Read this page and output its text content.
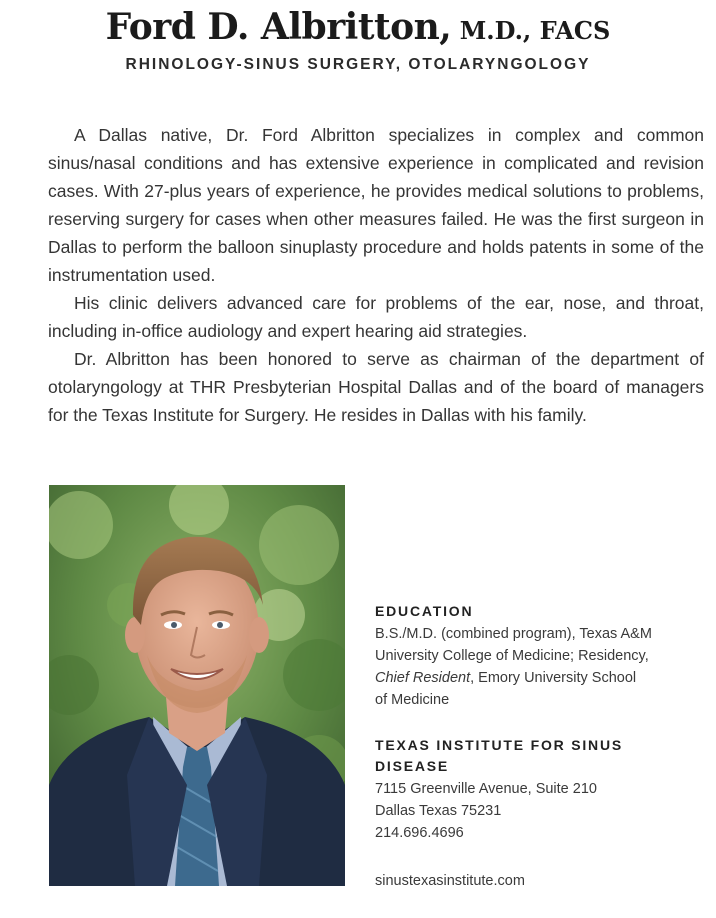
Ford D. Albritton, M.D., FACS
RHINOLOGY-SINUS SURGERY, OTOLARYNGOLOGY

A Dallas native, Dr. Ford Albritton specializes in complex and common sinus/nasal conditions and has extensive experience in complicated and revision cases. With 27-plus years of experience, he provides medical solutions to problems, reserving surgery for cases when other measures failed. He was the first surgeon in Dallas to perform the balloon sinuplasty procedure and holds patents in some of the instrumentation used.

His clinic delivers advanced care for problems of the ear, nose, and throat, including in-office audiology and expert hearing aid strategies.

Dr. Albritton has been honored to serve as chairman of the department of otolaryngology at THR Presbyterian Hospital Dallas and of the board of managers for the Texas Institute for Surgery. He resides in Dallas with his family.

EDUCATION
B.S./M.D. (combined program), Texas A&M
University College of Medicine; Residency,
Chief Resident, Emory University School
of Medicine
TEXAS INSTITUTE FOR SINUS DISEASE
7115 Greenville Avenue, Suite 210
Dallas Texas 75231
214.696.4696
sinustexasinstitute.com
